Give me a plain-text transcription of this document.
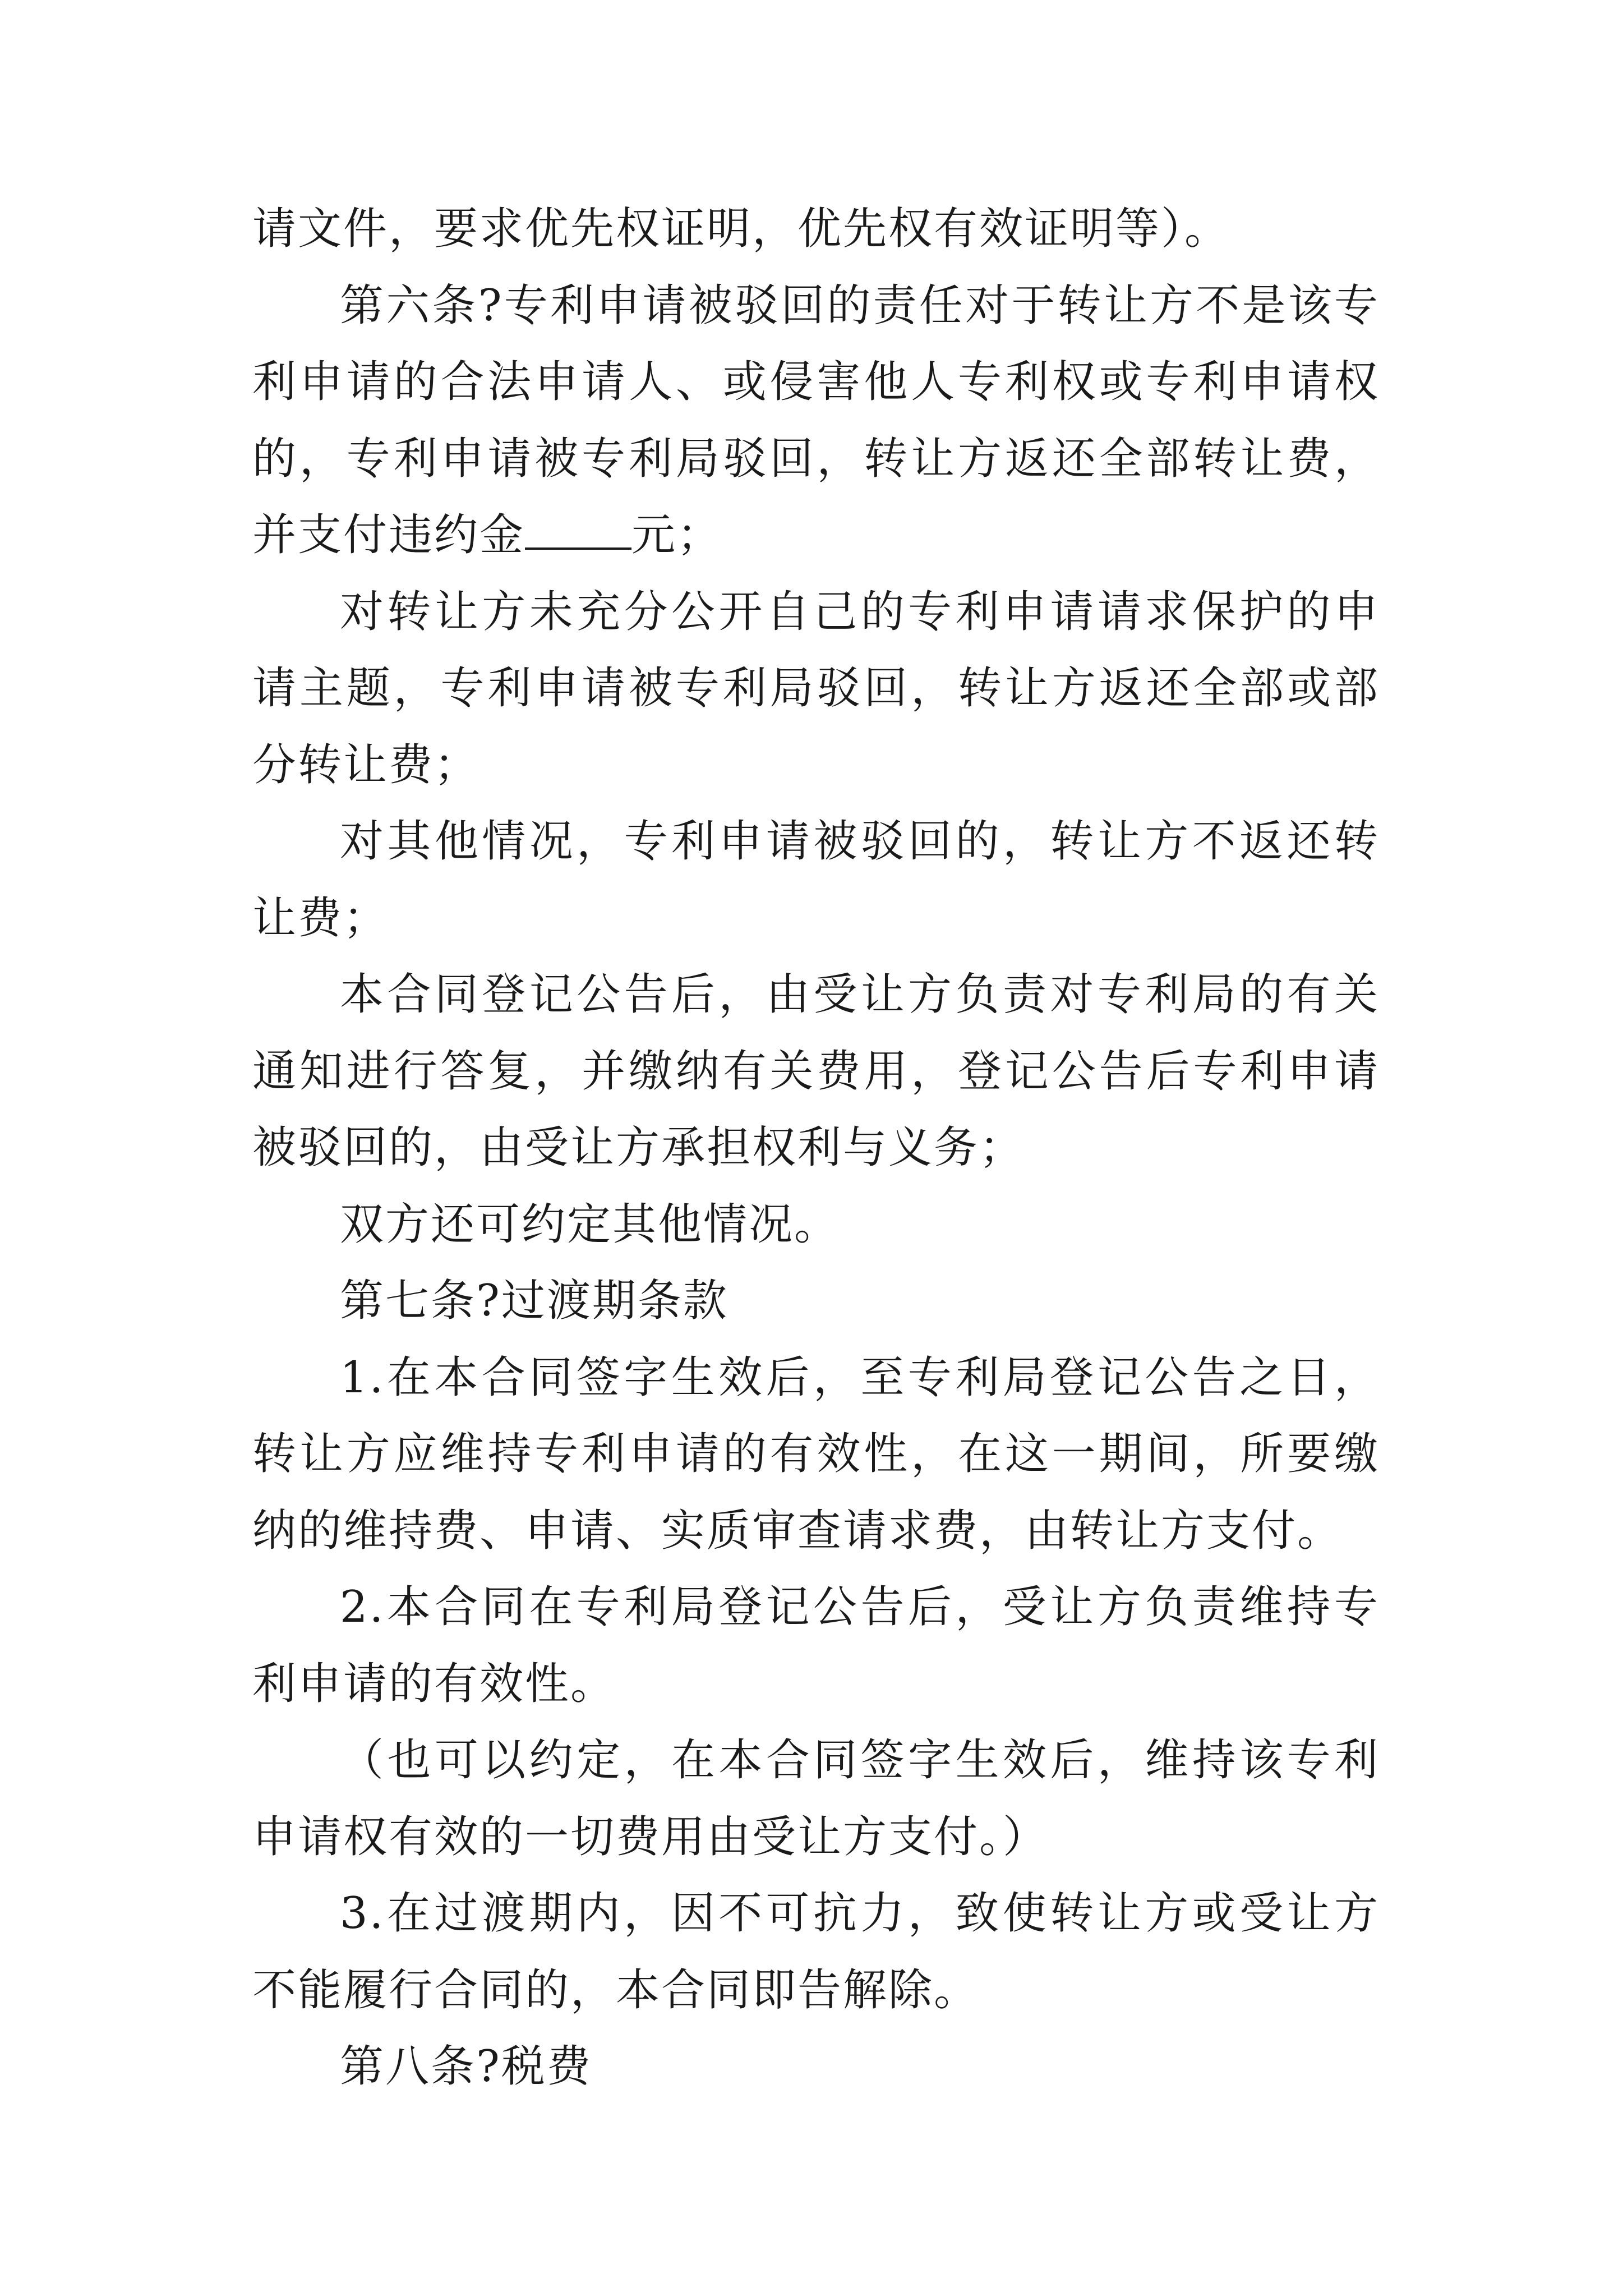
请文件，要求优先权证明，优先权有效证明等）。

第六条?专利申请被驳回的责任对于转让方不是该专利申请的合法申请人、或侵害他人专利权或专利申请权的，专利申请被专利局驳回，转让方返还全部转让费，并支付违约金 元；

对转让方未充分公开自己的专利申请请求保护的申请主题，专利申请被专利局驳回，转让方返还全部或部分转让费；

对其他情况，专利申请被驳回的，转让方不返还转让费；

本合同登记公告后，由受让方负责对专利局的有关通知进行答复，并缴纳有关费用，登记公告后专利申请被驳回的，由受让方承担权利与义务；

双方还可约定其他情况。

第七条?过渡期条款

1.在本合同签字生效后，至专利局登记公告之日，转让方应维持专利申请的有效性，在这一期间，所要缴纳的维持费、申请、实质审查请求费，由转让方支付。

2.本合同在专利局登记公告后，受让方负责维持专利申请的有效性。

（也可以约定，在本合同签字生效后，维持该专利申请权有效的一切费用由受让方支付。）

3.在过渡期内，因不可抗力，致使转让方或受让方不能履行合同的，本合同即告解除。

第八条?税费
